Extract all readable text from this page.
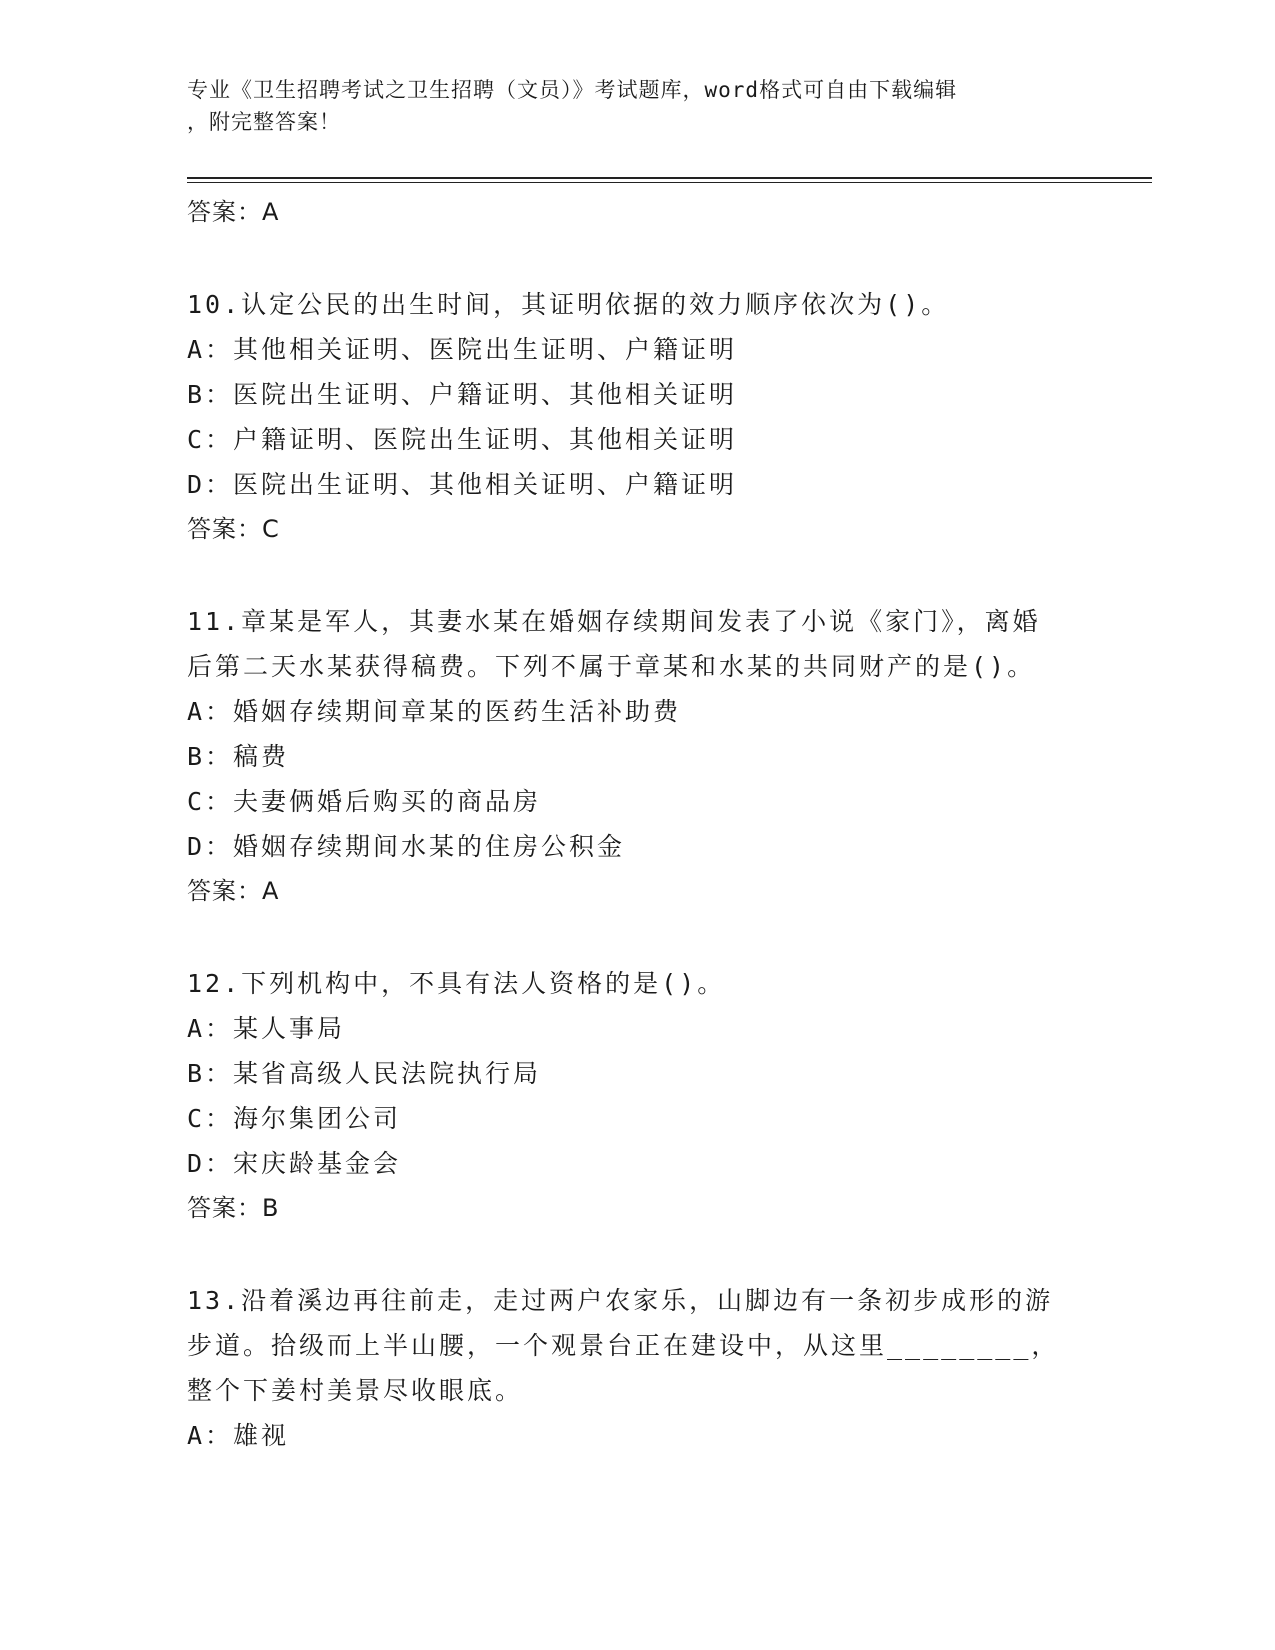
专业《卫生招聘考试之卫生招聘（文员）》考试题库，word格式可自由下载编辑
，附完整答案！
答案：A
10.认定公民的出生时间，其证明依据的效力顺序依次为()。
A：其他相关证明、医院出生证明、户籍证明
B：医院出生证明、户籍证明、其他相关证明
C：户籍证明、医院出生证明、其他相关证明
D：医院出生证明、其他相关证明、户籍证明
答案：C
11.章某是军人，其妻水某在婚姻存续期间发表了小说《家门》，离婚
后第二天水某获得稿费。下列不属于章某和水某的共同财产的是()。
A：婚姻存续期间章某的医药生活补助费
B：稿费
C：夫妻俩婚后购买的商品房
D：婚姻存续期间水某的住房公积金
答案：A
12.下列机构中，不具有法人资格的是()。
A：某人事局
B：某省高级人民法院执行局
C：海尔集团公司
D：宋庆龄基金会
答案：B
13.沿着溪边再往前走，走过两户农家乐，山脚边有一条初步成形的游
步道。拾级而上半山腰，一个观景台正在建设中，从这里________，
整个下姜村美景尽收眼底。
A：雄视
